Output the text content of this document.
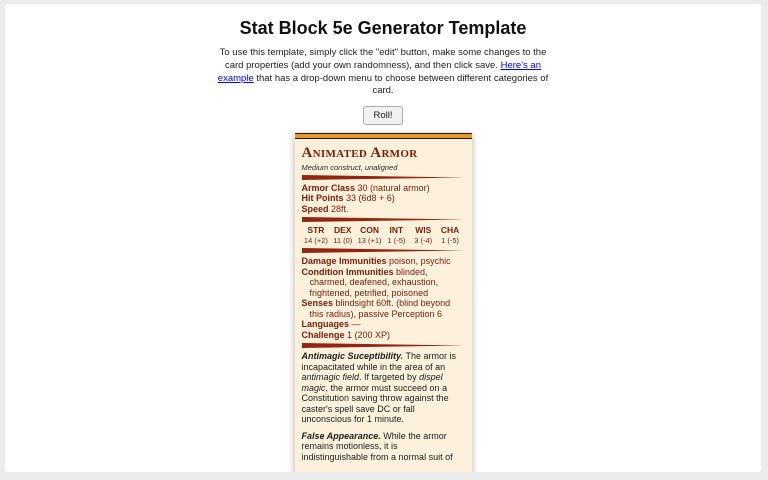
Stat Block 5e Generator Template

To use this template, simply click the "edit" button, make some changes to the card properties (add your own randomness), and then click save. Here's an example that has a drop-down menu to choose between different categories of card.

Roll!
Animated Armor
Medium construct, unaligned
Armor Class 30 (natural armor)
Hit Points 33 (6d8 + 6)
Speed 28ft.
STR
14 (+2)
DEX
11 (0)
CON
13 (+1)
INT
1 (-5)
WIS
3 (-4)
CHA
1 (-5)
Damage Immunities poison, psychic
Condition Immunities blinded, charmed, deafened, exhaustion, frightened, petrified, poisoned
Senses blindsight 60ft. (blind beyond this radius), passive Perception 6
Languages —
Challenge 1 (200 XP)

Antimagic Suceptibility. The armor is incapacitated while in the area of an antimagic field. If targeted by dispel magic, the armor must succeed on a Constitution saving throw against the caster's spell save DC or fall unconscious for 1 minute.

False Appearance. While the armor remains motionless, it is indistinguishable from a normal suit of
